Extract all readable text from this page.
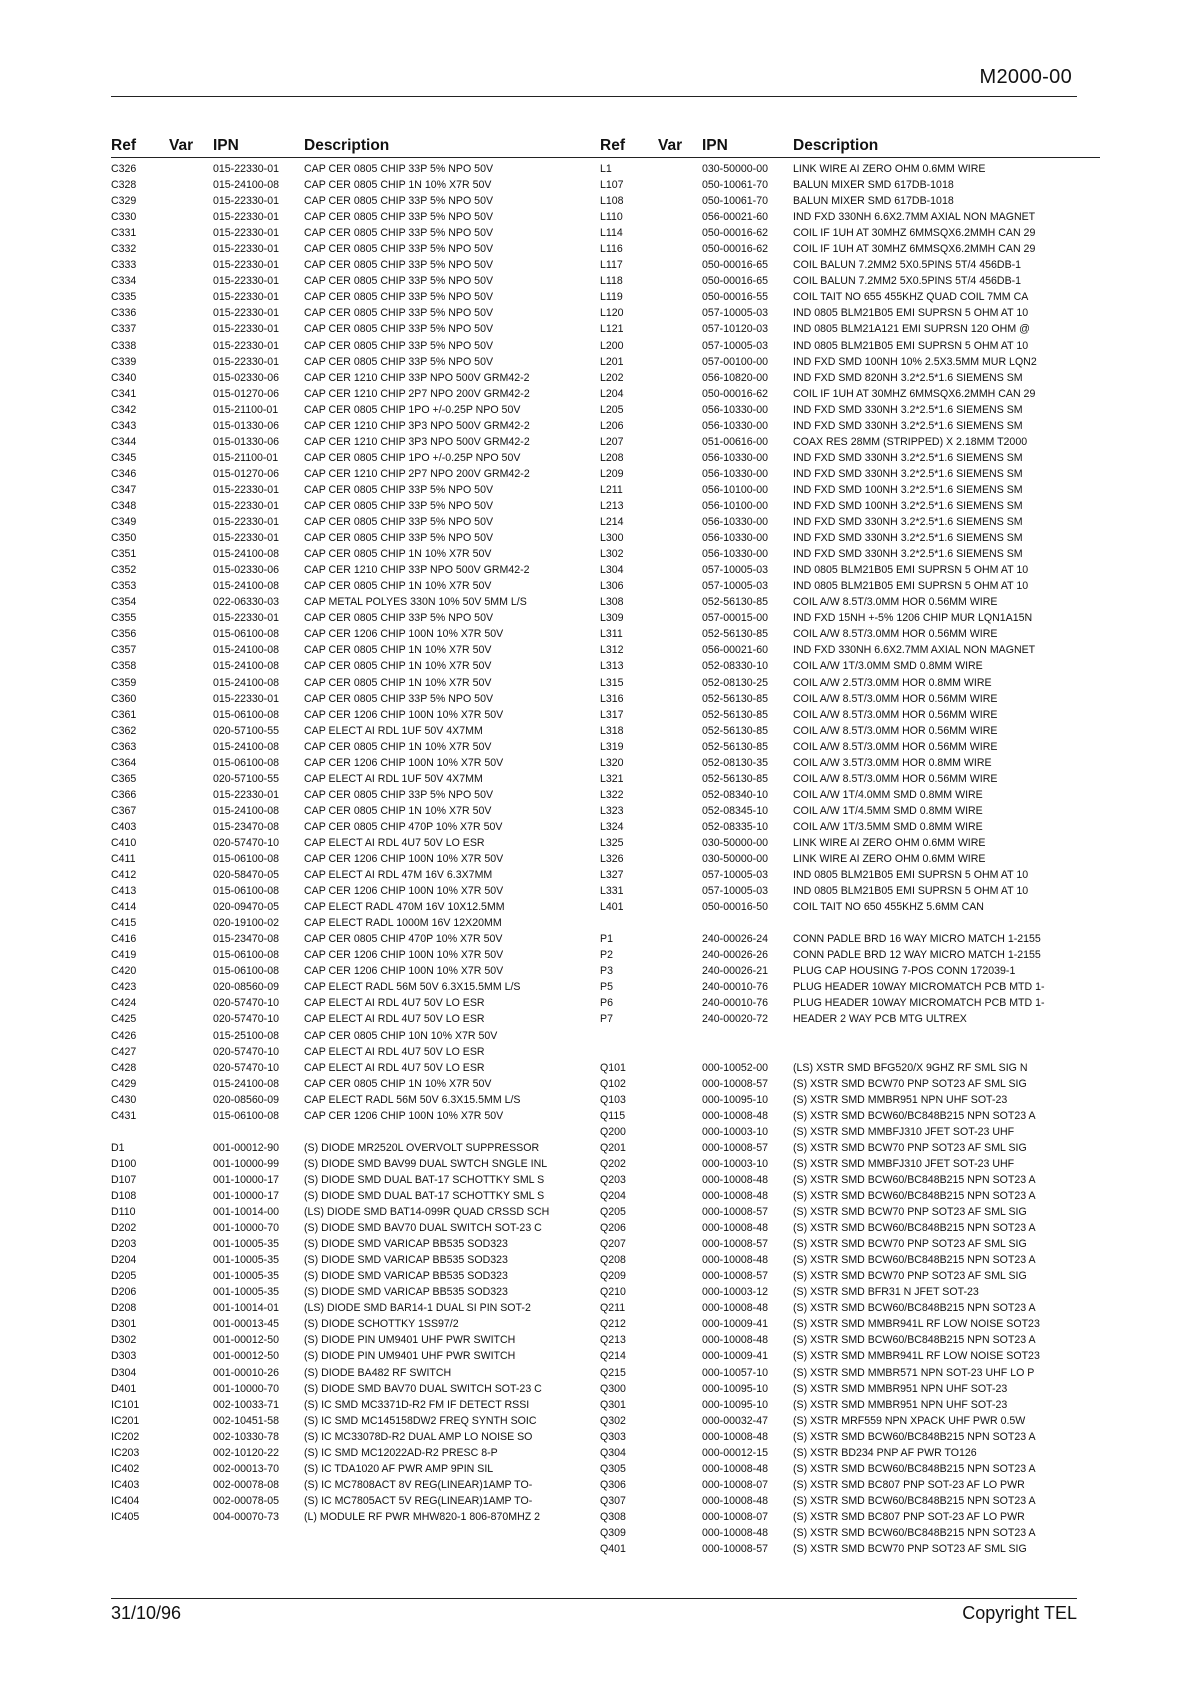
M2000-00
Ref Var IPN	Description
C326	015-22330-01 CAP CER 0805 CHIP 33P 5% NPO 50V
C328	015-24100-08 CAP CER 0805 CHIP 1N 10% X7R 50V
C329	015-22330-01 CAP CER 0805 CHIP 33P 5% NPO 50V
C330	015-22330-01 CAP CER 0805 CHIP 33P 5% NPO 50V
C331	015-22330-01 CAP CER 0805 CHIP 33P 5% NPO 50V
C332	015-22330-01 CAP CER 0805 CHIP 33P 5% NPO 50V
C333	015-22330-01 CAP CER 0805 CHIP 33P 5% NPO 50V
C334	015-22330-01 CAP CER 0805 CHIP 33P 5% NPO 50V
C335	015-22330-01 CAP CER 0805 CHIP 33P 5% NPO 50V
C336	015-22330-01 CAP CER 0805 CHIP 33P 5% NPO 50V
C337	015-22330-01 CAP CER 0805 CHIP 33P 5% NPO 50V
C338	015-22330-01 CAP CER 0805 CHIP 33P 5% NPO 50V
C339	015-22330-01 CAP CER 0805 CHIP 33P 5% NPO 50V
C340	015-02330-06 CAP CER 1210 CHIP 33P NPO 500V GRM42-2
C341	015-01270-06 CAP CER 1210 CHIP 2P7 NPO 200V GRM42-2
C342	015-21100-01 CAP CER 0805 CHIP 1PO +/-0.25P NPO 50V
C343	015-01330-06 CAP CER 1210 CHIP 3P3 NPO 500V GRM42-2
C344	015-01330-06 CAP CER 1210 CHIP 3P3 NPO 500V GRM42-2
C345	015-21100-01 CAP CER 0805 CHIP 1PO +/-0.25P NPO 50V
C346	015-01270-06 CAP CER 1210 CHIP 2P7 NPO 200V GRM42-2
C347	015-22330-01 CAP CER 0805 CHIP 33P 5% NPO 50V
C348	015-22330-01 CAP CER 0805 CHIP 33P 5% NPO 50V
C349	015-22330-01 CAP CER 0805 CHIP 33P 5% NPO 50V
C350	015-22330-01 CAP CER 0805 CHIP 33P 5% NPO 50V
C351	015-24100-08 CAP CER 0805 CHIP 1N 10% X7R 50V
C352	015-02330-06 CAP CER 1210 CHIP 33P NPO 500V GRM42-2
C353	015-24100-08 CAP CER 0805 CHIP 1N 10% X7R 50V
C354	022-06330-03 CAP METAL POLYES 330N 10% 50V 5MM L/S
C355	015-22330-01 CAP CER 0805 CHIP 33P 5% NPO 50V
C356	015-06100-08 CAP CER 1206 CHIP 100N 10% X7R 50V
C357	015-24100-08 CAP CER 0805 CHIP 1N 10% X7R 50V
C358	015-24100-08 CAP CER 0805 CHIP 1N 10% X7R 50V
C359	015-24100-08 CAP CER 0805 CHIP 1N 10% X7R 50V
C360	015-22330-01 CAP CER 0805 CHIP 33P 5% NPO 50V
C361	015-06100-08 CAP CER 1206 CHIP 100N 10% X7R 50V
C362	020-57100-55 CAP ELECT AI RDL 1UF 50V 4X7MM
C363	015-24100-08 CAP CER 0805 CHIP 1N 10% X7R 50V
C364	015-06100-08 CAP CER 1206 CHIP 100N 10% X7R 50V
C365	020-57100-55 CAP ELECT AI RDL 1UF 50V 4X7MM
C366	015-22330-01 CAP CER 0805 CHIP 33P 5% NPO 50V
C367	015-24100-08 CAP CER 0805 CHIP 1N 10% X7R 50V
C403	015-23470-08 CAP CER 0805 CHIP 470P 10% X7R 50V
C410	020-57470-10 CAP ELECT AI RDL 4U7 50V LO ESR
C411	015-06100-08 CAP CER 1206 CHIP 100N 10% X7R 50V
C412	020-58470-05 CAP ELECT AI RDL 47M 16V 6.3X7MM
C413	015-06100-08 CAP CER 1206 CHIP 100N 10% X7R 50V
C414	020-09470-05 CAP ELECT RADL 470M 16V 10X12.5MM
C415	020-19100-02 CAP ELECT RADL 1000M 16V 12X20MM
C416	015-23470-08 CAP CER 0805 CHIP 470P 10% X7R 50V
C419	015-06100-08 CAP CER 1206 CHIP 100N 10% X7R 50V
C420	015-06100-08 CAP CER 1206 CHIP 100N 10% X7R 50V
C423	020-08560-09 CAP ELECT RADL 56M 50V 6.3X15.5MM L/S
C424	020-57470-10 CAP ELECT AI RDL 4U7 50V LO ESR
C425	020-57470-10 CAP ELECT AI RDL 4U7 50V LO ESR
C426	015-25100-08 CAP CER 0805 CHIP 10N 10% X7R 50V
C427	020-57470-10 CAP ELECT AI RDL 4U7 50V LO ESR
C428	020-57470-10 CAP ELECT AI RDL 4U7 50V LO ESR
C429	015-24100-08 CAP CER 0805 CHIP 1N 10% X7R 50V
C430	020-08560-09 CAP ELECT RADL 56M 50V 6.3X15.5MM L/S
C431	015-06100-08 CAP CER 1206 CHIP 100N 10% X7R 50V
D1	001-00012-90 (S) DIODE MR2520L OVERVOLT SUPPRESSOR
D100	001-10000-99 (S) DIODE SMD BAV99 DUAL SWTCH SNGLE INL
D107	001-10000-17 (S) DIODE SMD DUAL BAT-17 SCHOTTKY SML S
D108	001-10000-17 (S) DIODE SMD DUAL BAT-17 SCHOTTKY SML S
D110	001-10014-00 (LS) DIODE SMD BAT14-099R QUAD CRSSD SCH
D202	001-10000-70 (S) DIODE SMD BAV70 DUAL SWITCH SOT-23 C
D203	001-10005-35 (S) DIODE SMD VARICAP BB535 SOD323
D204	001-10005-35 (S) DIODE SMD VARICAP BB535 SOD323
D205	001-10005-35 (S) DIODE SMD VARICAP BB535 SOD323
D206	001-10005-35 (S) DIODE SMD VARICAP BB535 SOD323
D208	001-10014-01 (LS) DIODE SMD BAR14-1 DUAL SI PIN SOT-2
D301	001-00013-45 (S) DIODE SCHOTTKY 1SS97/2
D302	001-00012-50 (S) DIODE PIN UM9401 UHF PWR SWITCH
D303	001-00012-50 (S) DIODE PIN UM9401 UHF PWR SWITCH
D304	001-00010-26 (S) DIODE BA482 RF SWITCH
D401	001-10000-70 (S) DIODE SMD BAV70 DUAL SWITCH SOT-23 C
IC101	002-10033-71 (S) IC SMD MC3371D-R2 FM IF DETECT RSSI
IC201	002-10451-58 (S) IC SMD MC145158DW2 FREQ SYNTH SOIC
IC202	002-10330-78 (S) IC MC33078D-R2 DUAL AMP LO NOISE SO
IC203	002-10120-22 (S) IC SMD MC12022AD-R2 PRESC 8-P
IC402	002-00013-70 (S) IC TDA1020 AF PWR AMP 9PIN SIL
IC403	002-00078-08 (S) IC MC7808ACT 8V REG(LINEAR)1AMP TO-
IC404	002-00078-05 (S) IC MC7805ACT 5V REG(LINEAR)1AMP TO-
IC405	004-00070-73 (L) MODULE RF PWR MHW820-1 806-870MHZ 2
Ref Var IPN	Description
L1	030-50000-00 LINK WIRE AI ZERO OHM 0.6MM WIRE
L107	050-10061-70 BALUN MIXER SMD 617DB-1018
L108	050-10061-70 BALUN MIXER SMD 617DB-1018
L110	056-00021-60 IND FXD 330NH 6.6X2.7MM AXIAL NON MAGNET
L114	050-00016-62 COIL IF 1UH AT 30MHZ 6MMSQX6.2MMH CAN 29
L116	050-00016-62 COIL IF 1UH AT 30MHZ 6MMSQX6.2MMH CAN 29
L117	050-00016-65 COIL BALUN 7.2MM2 5X0.5PINS 5T/4 456DB-1
L118	050-00016-65 COIL BALUN 7.2MM2 5X0.5PINS 5T/4 456DB-1
L119	050-00016-55 COIL TAIT NO 655 455KHZ QUAD COIL 7MM CA
L120	057-10005-03 IND 0805 BLM21B05 EMI SUPRSN 5 OHM AT 10
L121	057-10120-03 IND 0805 BLM21A121 EMI SUPRSN 120 OHM @
L200	057-10005-03 IND 0805 BLM21B05 EMI SUPRSN 5 OHM AT 10
L201	057-00100-00 IND FXD SMD 100NH 10% 2.5X3.5MM MUR LQN2
L202	056-10820-00 IND FXD SMD 820NH 3.2*2.5*1.6 SIEMENS SM
L204	050-00016-62 COIL IF 1UH AT 30MHZ 6MMSQX6.2MMH CAN 29
L205	056-10330-00 IND FXD SMD 330NH 3.2*2.5*1.6 SIEMENS SM
L206	056-10330-00 IND FXD SMD 330NH 3.2*2.5*1.6 SIEMENS SM
L207	051-00616-00 COAX RES 28MM (STRIPPED) X 2.18MM T2000
L208	056-10330-00 IND FXD SMD 330NH 3.2*2.5*1.6 SIEMENS SM
L209	056-10330-00 IND FXD SMD 330NH 3.2*2.5*1.6 SIEMENS SM
L211	056-10100-00 IND FXD SMD 100NH 3.2*2.5*1.6 SIEMENS SM
L213	056-10100-00 IND FXD SMD 100NH 3.2*2.5*1.6 SIEMENS SM
L214	056-10330-00 IND FXD SMD 330NH 3.2*2.5*1.6 SIEMENS SM
L300	056-10330-00 IND FXD SMD 330NH 3.2*2.5*1.6 SIEMENS SM
L302	056-10330-00 IND FXD SMD 330NH 3.2*2.5*1.6 SIEMENS SM
L304	057-10005-03 IND 0805 BLM21B05 EMI SUPRSN 5 OHM AT 10
L306	057-10005-03 IND 0805 BLM21B05 EMI SUPRSN 5 OHM AT 10
L308	052-56130-85 COIL A/W 8.5T/3.0MM HOR 0.56MM WIRE
L309	057-00015-00 IND FXD 15NH +-5% 1206 CHIP MUR LQN1A15N
L311	052-56130-85 COIL A/W 8.5T/3.0MM HOR 0.56MM WIRE
L312	056-00021-60 IND FXD 330NH 6.6X2.7MM AXIAL NON MAGNET
L313	052-08330-10 COIL A/W 1T/3.0MM SMD 0.8MM WIRE
L315	052-08130-25 COIL A/W 2.5T/3.0MM HOR 0.8MM WIRE
L316	052-56130-85 COIL A/W 8.5T/3.0MM HOR 0.56MM WIRE
L317	052-56130-85 COIL A/W 8.5T/3.0MM HOR 0.56MM WIRE
L318	052-56130-85 COIL A/W 8.5T/3.0MM HOR 0.56MM WIRE
L319	052-56130-85 COIL A/W 8.5T/3.0MM HOR 0.56MM WIRE
L320	052-08130-35 COIL A/W 3.5T/3.0MM HOR 0.8MM WIRE
L321	052-56130-85 COIL A/W 8.5T/3.0MM HOR 0.56MM WIRE
L322	052-08340-10 COIL A/W 1T/4.0MM SMD 0.8MM WIRE
L323	052-08345-10 COIL A/W 1T/4.5MM SMD 0.8MM WIRE
L324	052-08335-10 COIL A/W 1T/3.5MM SMD 0.8MM WIRE
L325	030-50000-00 LINK WIRE AI ZERO OHM 0.6MM WIRE
L326	030-50000-00 LINK WIRE AI ZERO OHM 0.6MM WIRE
L327	057-10005-03 IND 0805 BLM21B05 EMI SUPRSN 5 OHM AT 10
L331	057-10005-03 IND 0805 BLM21B05 EMI SUPRSN 5 OHM AT 10
L401	050-00016-50 COIL TAIT NO 650 455KHZ 5.6MM CAN
P1	240-00026-24 CONN PADLE BRD 16 WAY MICRO MATCH 1-2155
P2	240-00026-26 CONN PADLE BRD 12 WAY MICRO MATCH 1-2155
P3	240-00026-21 PLUG CAP HOUSING 7-POS CONN 172039-1
P5	240-00010-76 PLUG HEADER 10WAY MICROMATCH PCB MTD 1-
P6	240-00010-76 PLUG HEADER 10WAY MICROMATCH PCB MTD 1-
P7	240-00020-72 HEADER 2 WAY PCB MTG ULTREX
Q101	000-10052-00 (LS) XSTR SMD BFG520/X 9GHZ RF SML SIG N
Q102	000-10008-57 (S) XSTR SMD BCW70 PNP SOT23 AF SML SIG
Q103	000-10095-10 (S) XSTR SMD MMBR951 NPN UHF SOT-23
Q115	000-10008-48 (S) XSTR SMD BCW60/BC848B215 NPN SOT23 A
Q200	000-10003-10 (S) XSTR SMD MMBFJ310 JFET SOT-23 UHF
Q201	000-10008-57 (S) XSTR SMD BCW70 PNP SOT23 AF SML SIG
Q202	000-10003-10 (S) XSTR SMD MMBFJ310 JFET SOT-23 UHF
Q203	000-10008-48 (S) XSTR SMD BCW60/BC848B215 NPN SOT23 A
Q204	000-10008-48 (S) XSTR SMD BCW60/BC848B215 NPN SOT23 A
Q205	000-10008-57 (S) XSTR SMD BCW70 PNP SOT23 AF SML SIG
Q206	000-10008-48 (S) XSTR SMD BCW60/BC848B215 NPN SOT23 A
Q207	000-10008-57 (S) XSTR SMD BCW70 PNP SOT23 AF SML SIG
Q208	000-10008-48 (S) XSTR SMD BCW60/BC848B215 NPN SOT23 A
Q209	000-10008-57 (S) XSTR SMD BCW70 PNP SOT23 AF SML SIG
Q210	000-10003-12 (S) XSTR SMD BFR31 N JFET SOT-23
Q211	000-10008-48 (S) XSTR SMD BCW60/BC848B215 NPN SOT23 A
Q212	000-10009-41 (S) XSTR SMD MMBR941L RF LOW NOISE SOT23
Q213	000-10008-48 (S) XSTR SMD BCW60/BC848B215 NPN SOT23 A
Q214	000-10009-41 (S) XSTR SMD MMBR941L RF LOW NOISE SOT23
Q215	000-10057-10 (S) XSTR SMD MMBR571 NPN SOT-23 UHF LO P
Q300	000-10095-10 (S) XSTR SMD MMBR951 NPN UHF SOT-23
Q301	000-10095-10 (S) XSTR SMD MMBR951 NPN UHF SOT-23
Q302	000-00032-47 (S) XSTR MRF559 NPN XPACK UHF PWR 0.5W
Q303	000-10008-48 (S) XSTR SMD BCW60/BC848B215 NPN SOT23 A
Q304	000-00012-15 (S) XSTR BD234 PNP AF PWR TO126
Q305	000-10008-48 (S) XSTR SMD BCW60/BC848B215 NPN SOT23 A
Q306	000-10008-07 (S) XSTR SMD BC807 PNP SOT-23 AF LO PWR
Q307	000-10008-48 (S) XSTR SMD BCW60/BC848B215 NPN SOT23 A
Q308	000-10008-07 (S) XSTR SMD BC807 PNP SOT-23 AF LO PWR
Q309	000-10008-48 (S) XSTR SMD BCW60/BC848B215 NPN SOT23 A
Q401	000-10008-57 (S) XSTR SMD BCW70 PNP SOT23 AF SML SIG
31/10/96	Copyright TEL
